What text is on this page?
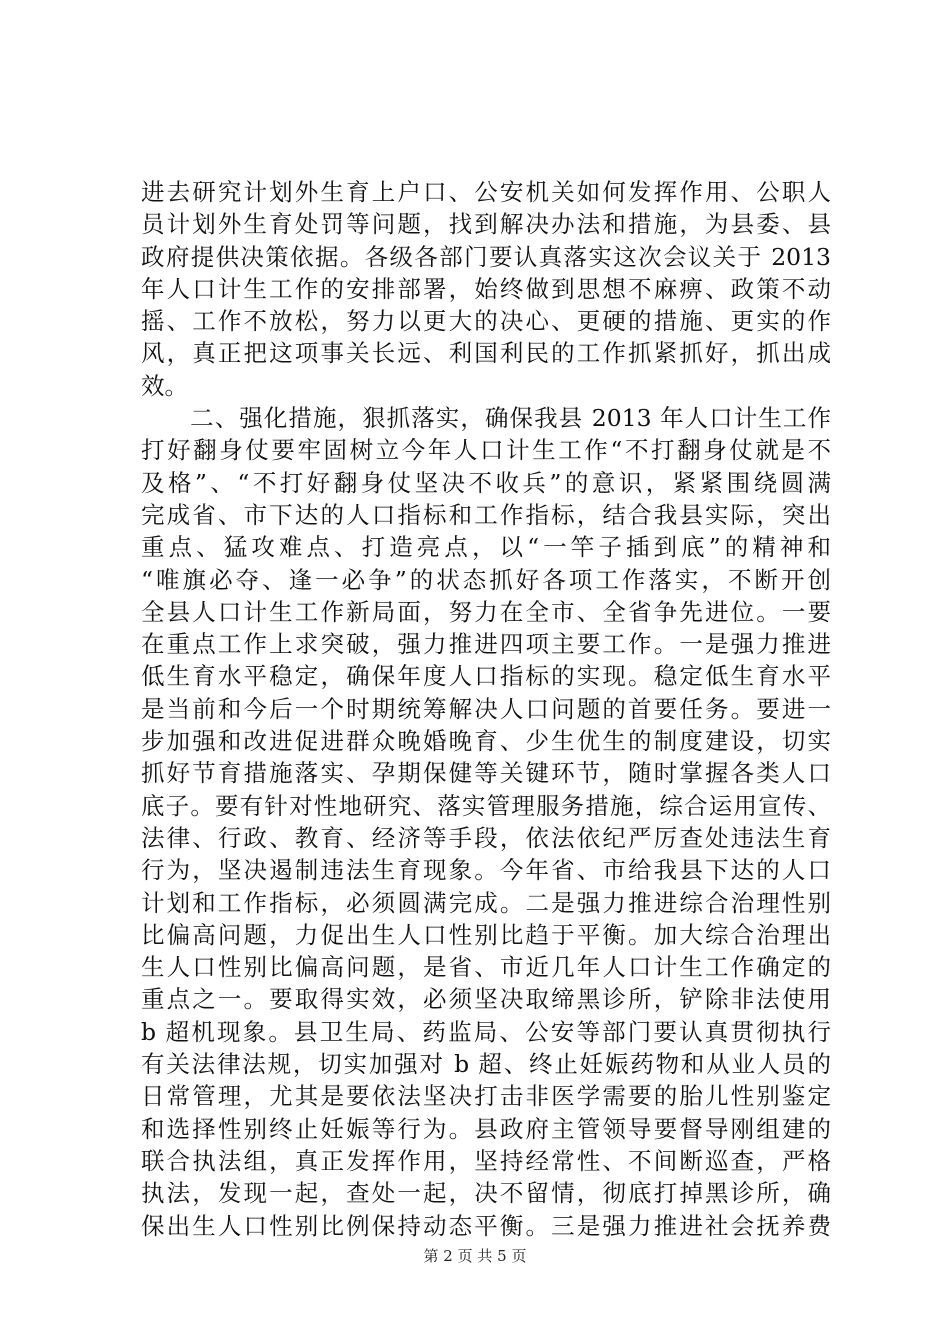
进去研究计划外生育上户口、公安机关如何发挥作用、公职人
员计划外生育处罚等问题，找到解决办法和措施，为县委、县
政府提供决策依据。各级各部门要认真落实这次会议关于 2013
年人口计生工作的安排部署，始终做到思想不麻痹、政策不动
摇、工作不放松，努力以更大的决心、更硬的措施、更实的作
风，真正把这项事关长远、利国利民的工作抓紧抓好，抓出成
效。
　　二、强化措施，狠抓落实，确保我县 2013 年人口计生工作
打好翻身仗要牢固树立今年人口计生工作“不打翻身仗就是不
及格”、“不打好翻身仗坚决不收兵”的意识，紧紧围绕圆满
完成省、市下达的人口指标和工作指标，结合我县实际，突出
重点、猛攻难点、打造亮点，以“一竿子插到底”的精神和
“唯旗必夺、逢一必争”的状态抓好各项工作落实，不断开创
全县人口计生工作新局面，努力在全市、全省争先进位。一要
在重点工作上求突破，强力推进四项主要工作。一是强力推进
低生育水平稳定，确保年度人口指标的实现。稳定低生育水平
是当前和今后一个时期统筹解决人口问题的首要任务。要进一
步加强和改进促进群众晚婚晚育、少生优生的制度建设，切实
抓好节育措施落实、孕期保健等关键环节，随时掌握各类人口
底子。要有针对性地研究、落实管理服务措施，综合运用宣传、
法律、行政、教育、经济等手段，依法依纪严厉查处违法生育
行为，坚决遏制违法生育现象。今年省、市给我县下达的人口
计划和工作指标，必须圆满完成。二是强力推进综合治理性别
比偏高问题，力促出生人口性别比趋于平衡。加大综合治理出
生人口性别比偏高问题，是省、市近几年人口计生工作确定的
重点之一。要取得实效，必须坚决取缔黑诊所，铲除非法使用
b 超机现象。县卫生局、药监局、公安等部门要认真贯彻执行
有关法律法规，切实加强对 b 超、终止妊娠药物和从业人员的
日常管理，尤其是要依法坚决打击非医学需要的胎儿性别鉴定
和选择性别终止妊娠等行为。县政府主管领导要督导刚组建的
联合执法组，真正发挥作用，坚持经常性、不间断巡查，严格
执法，发现一起，查处一起，决不留情，彻底打掉黑诊所，确
保出生人口性别比例保持动态平衡。三是强力推进社会抚养费
第 2 页 共 5 页
